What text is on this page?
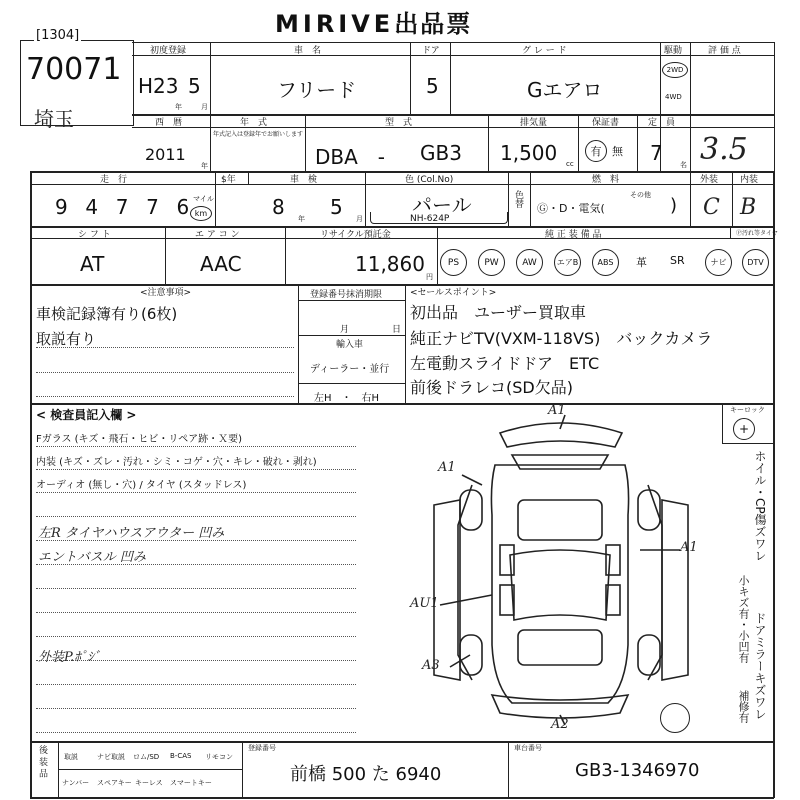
MIRIVE出品票
[1304]
70071
埼玉
初度登録
H23 5
年	月
車　名
フリード
ドア
5
グ レ ー ド
Gエアロ
駆動
2WD
4WD
評 価 点
3.5
西　暦
2011
年
年　式
年式記入は登録年でお願いします
型　式
DBA　- GB3
排気量
1,500 cc
保証書
有 無
定　員
7 名
走　行	$年
9 4 7 7 6 マイル
km
車　検
8 年 5 月
色 (Col.No)
パール
NH-624P
色替
燃　料
Ⓖ・D・電気(
その他 )
外装
C
内装
B
シ フ ト
AT
エ ア コ ン
AAC
リサイクル預託金
11,860
円
純 正 装 備 品	Ⓟ汚れ等タイヤ
PS	PW	AW	エアB	ABS	革 SR	ナビ	DTV
<注意事項>
車検記録簿有り(6枚)
取説有り
登録番号抹消期限
月	日
輸入車
ディーラー・並行
左H　・　右H
<セールスポイント>
初出品　ユーザー買取車
純正ナビTV(VXM-118VS)　バックカメラ
左電動スライドドア　ETC
前後ドラレコ(SD欠品)
< 検査員記入欄 >
Fガラス (キズ・飛石・ヒビ・リペア跡・Ｘ要)
内装 (キズ・ズレ・汚れ・シミ・コゲ・穴・キレ・破れ・剥れ)
オーディオ (無し・穴) / タイヤ (スタッドレス)
左R タイヤハウスアウター 凹み
エントバスル 凹み
外装P.ﾎﾟｼﾞ
A1
A1
A1
AU1
A3
A2
キーロック
+
ホイル・CP傷ズワレ
小キズ有・小凹有 ドアミラーキズワレ
補修有
後 装 品 取説	ナビ取説 ロム/SD B-CAS リモコン
ナンバー スペアキー キーレス スマートキー
登録番号
前橋 500 た 6940
車台番号
GB3-1346970
